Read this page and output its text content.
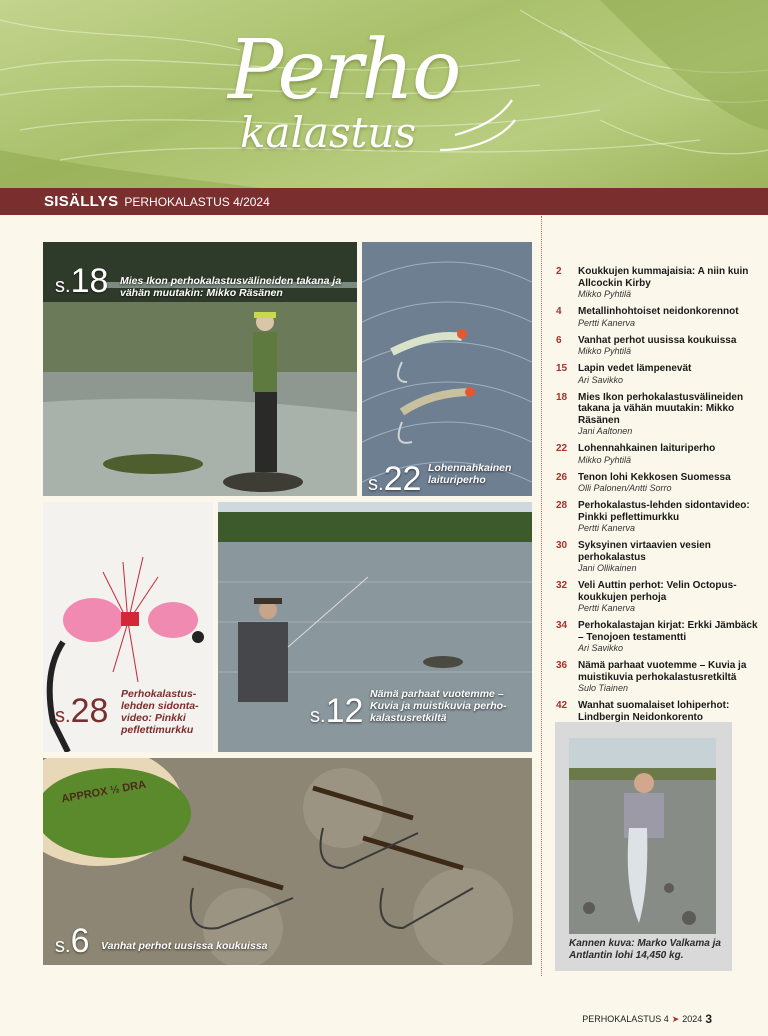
Perho
kalastus
SISÄLLYS PERHOKALASTUS 4/2024
s.18 Mies Ikon perhokalastusvälineiden takana ja vähän muutakin: Mikko Räsänen
s.22 Lohennahkainen laituriperho
s.28 Perhokalastus-lehden sidonta-video: Pinkki peflettimurkku
s.12 Nämä parhaat vuotemme – Kuvia ja muistikuvia perho-kalastusretkiltä
APPROX ½ DRA
s.6 Vanhat perhot uusissa koukuissa
2	Koukkujen kummajaisia: A niin kuin Allcockin Kirby
Mikko Pyhtilä
4	Metallinhohtoiset neidonkorennot
Pertti Kanerva
6	Vanhat perhot uusissa koukuissa
Mikko Pyhtilä
15	Lapin vedet lämpenevät
Ari Savikko
18	Mies Ikon perhokalastusvälineiden takana ja vähän muutakin: Mikko Räsänen
Jani Aaltonen
22	Lohennahkainen laituriperho
Mikko Pyhtilä
26	Tenon lohi Kekkosen Suomessa
Olli Palonen/Antti Sorro
28	Perhokalastus-lehden sidontavideo: Pinkki peflettimurkku
Pertti Kanerva
30	Syksyinen virtaavien vesien perhokalastus
Jani Ollikainen
32	Veli Auttin perhot: Velin Octopus-koukkujen perhoja
Pertti Kanerva
34	Perhokalastajan kirjat: Erkki Jämbäck – Tenojoen testamentti
Ari Savikko
36	Nämä parhaat vuotemme – Kuvia ja muistikuvia perhokalastusretkiltä
Sulo Tiainen
42	Wanhat suomalaiset lohiperhot: Lindbergin Neidonkorento
Kannen kuva: Marko Valkama ja Antlantin lohi 14,450 kg.
PERHOKALASTUS 4 ➤ 2024 3
